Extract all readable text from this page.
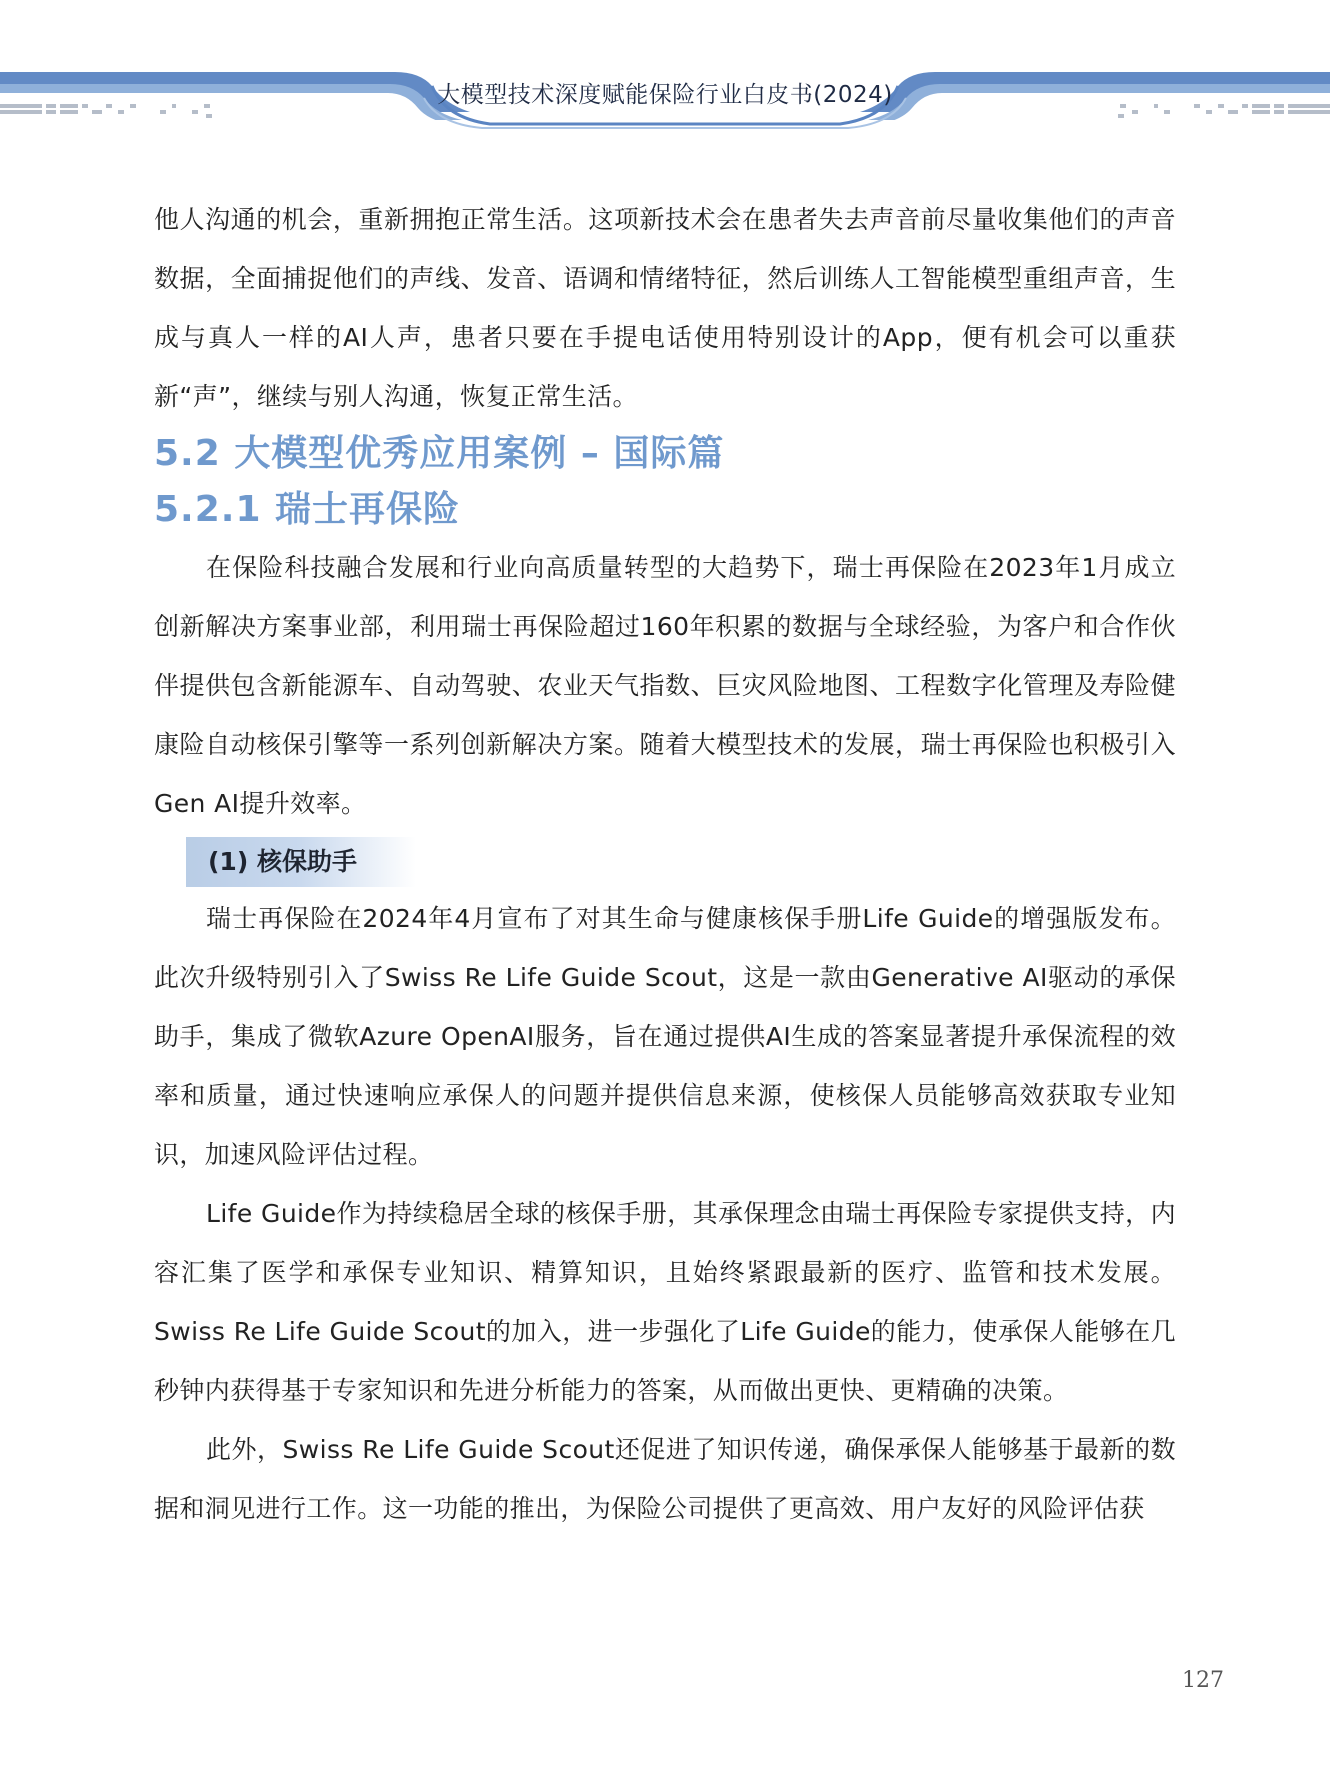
大模型技术深度赋能保险行业白皮书(2024)

他人沟通的机会，重新拥抱正常生活。这项新技术会在患者失去声音前尽量收集他们的声音数据，全面捕捉他们的声线、发音、语调和情绪特征，然后训练人工智能模型重组声音，生成与真人一样的AI人声，患者只要在手提电话使用特别设计的App，便有机会可以重获新“声”，继续与别人沟通，恢复正常生活。

5.2 大模型优秀应用案例 – 国际篇
5.2.1 瑞士再保险

在保险科技融合发展和行业向高质量转型的大趋势下，瑞士再保险在2023年1月成立创新解决方案事业部，利用瑞士再保险超过160年积累的数据与全球经验，为客户和合作伙伴提供包含新能源车、自动驾驶、农业天气指数、巨灾风险地图、工程数字化管理及寿险健康险自动核保引擎等一系列创新解决方案。随着大模型技术的发展，瑞士再保险也积极引入Gen AI提升效率。

(1) 核保助手

瑞士再保险在2024年4月宣布了对其生命与健康核保手册Life Guide的增强版发布。此次升级特别引入了Swiss Re Life Guide Scout，这是一款由Generative AI驱动的承保助手，集成了微软Azure OpenAI服务，旨在通过提供AI生成的答案显著提升承保流程的效率和质量，通过快速响应承保人的问题并提供信息来源，使核保人员能够高效获取专业知识，加速风险评估过程。

Life Guide作为持续稳居全球的核保手册，其承保理念由瑞士再保险专家提供支持，内容汇集了医学和承保专业知识、精算知识，且始终紧跟最新的医疗、监管和技术发展。Swiss Re Life Guide Scout的加入，进一步强化了Life Guide的能力，使承保人能够在几秒钟内获得基于专家知识和先进分析能力的答案，从而做出更快、更精确的决策。

此外，Swiss Re Life Guide Scout还促进了知识传递，确保承保人能够基于最新的数据和洞见进行工作。这一功能的推出，为保险公司提供了更高效、用户友好的风险评估获

127
